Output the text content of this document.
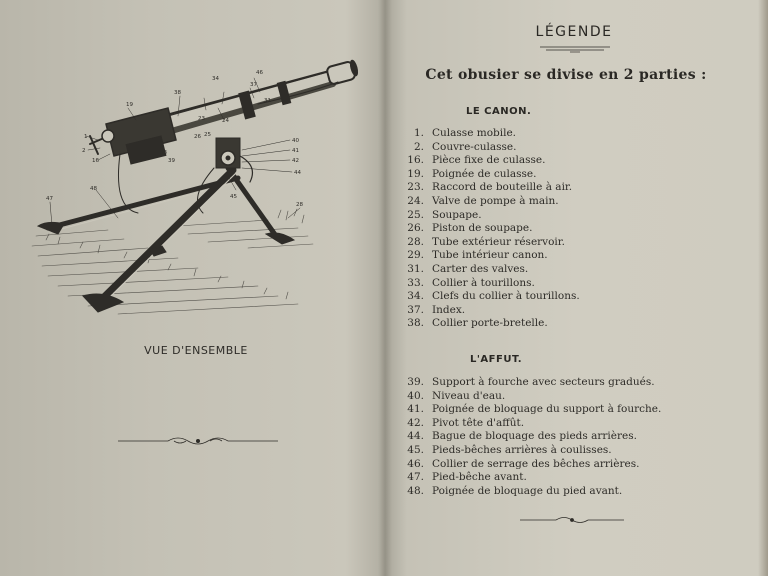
46
34
38
19
1
2
16
23	24
26 25
37
33
39
40
41
42
44
45
48
47
28
31
VUE D'ENSEMBLE
LÉGENDE
Cet obusier se divise en 2 parties :
LE CANON.
1. Culasse mobile.
2. Couvre-culasse.
16. Pièce fixe de culasse.
19. Poignée de culasse.
23. Raccord de bouteille à air.
24. Valve de pompe à main.
25. Soupape.
26. Piston de soupape.
28. Tube extérieur réservoir.
29. Tube intérieur canon.
31. Carter des valves.
33. Collier à tourillons.
34. Clefs du collier à tourillons.
37. Index.
38. Collier porte-bretelle.
L'AFFUT.
39. Support à fourche avec secteurs gradués.
40. Niveau d'eau.
41. Poignée de bloquage du support à fourche.
42. Pivot tête d'affût.
44. Bague de bloquage des pieds arrières.
45. Pieds-bêches arrières à coulisses.
46. Collier de serrage des bêches arrières.
47. Pied-bêche avant.
48. Poignée de bloquage du pied avant.
